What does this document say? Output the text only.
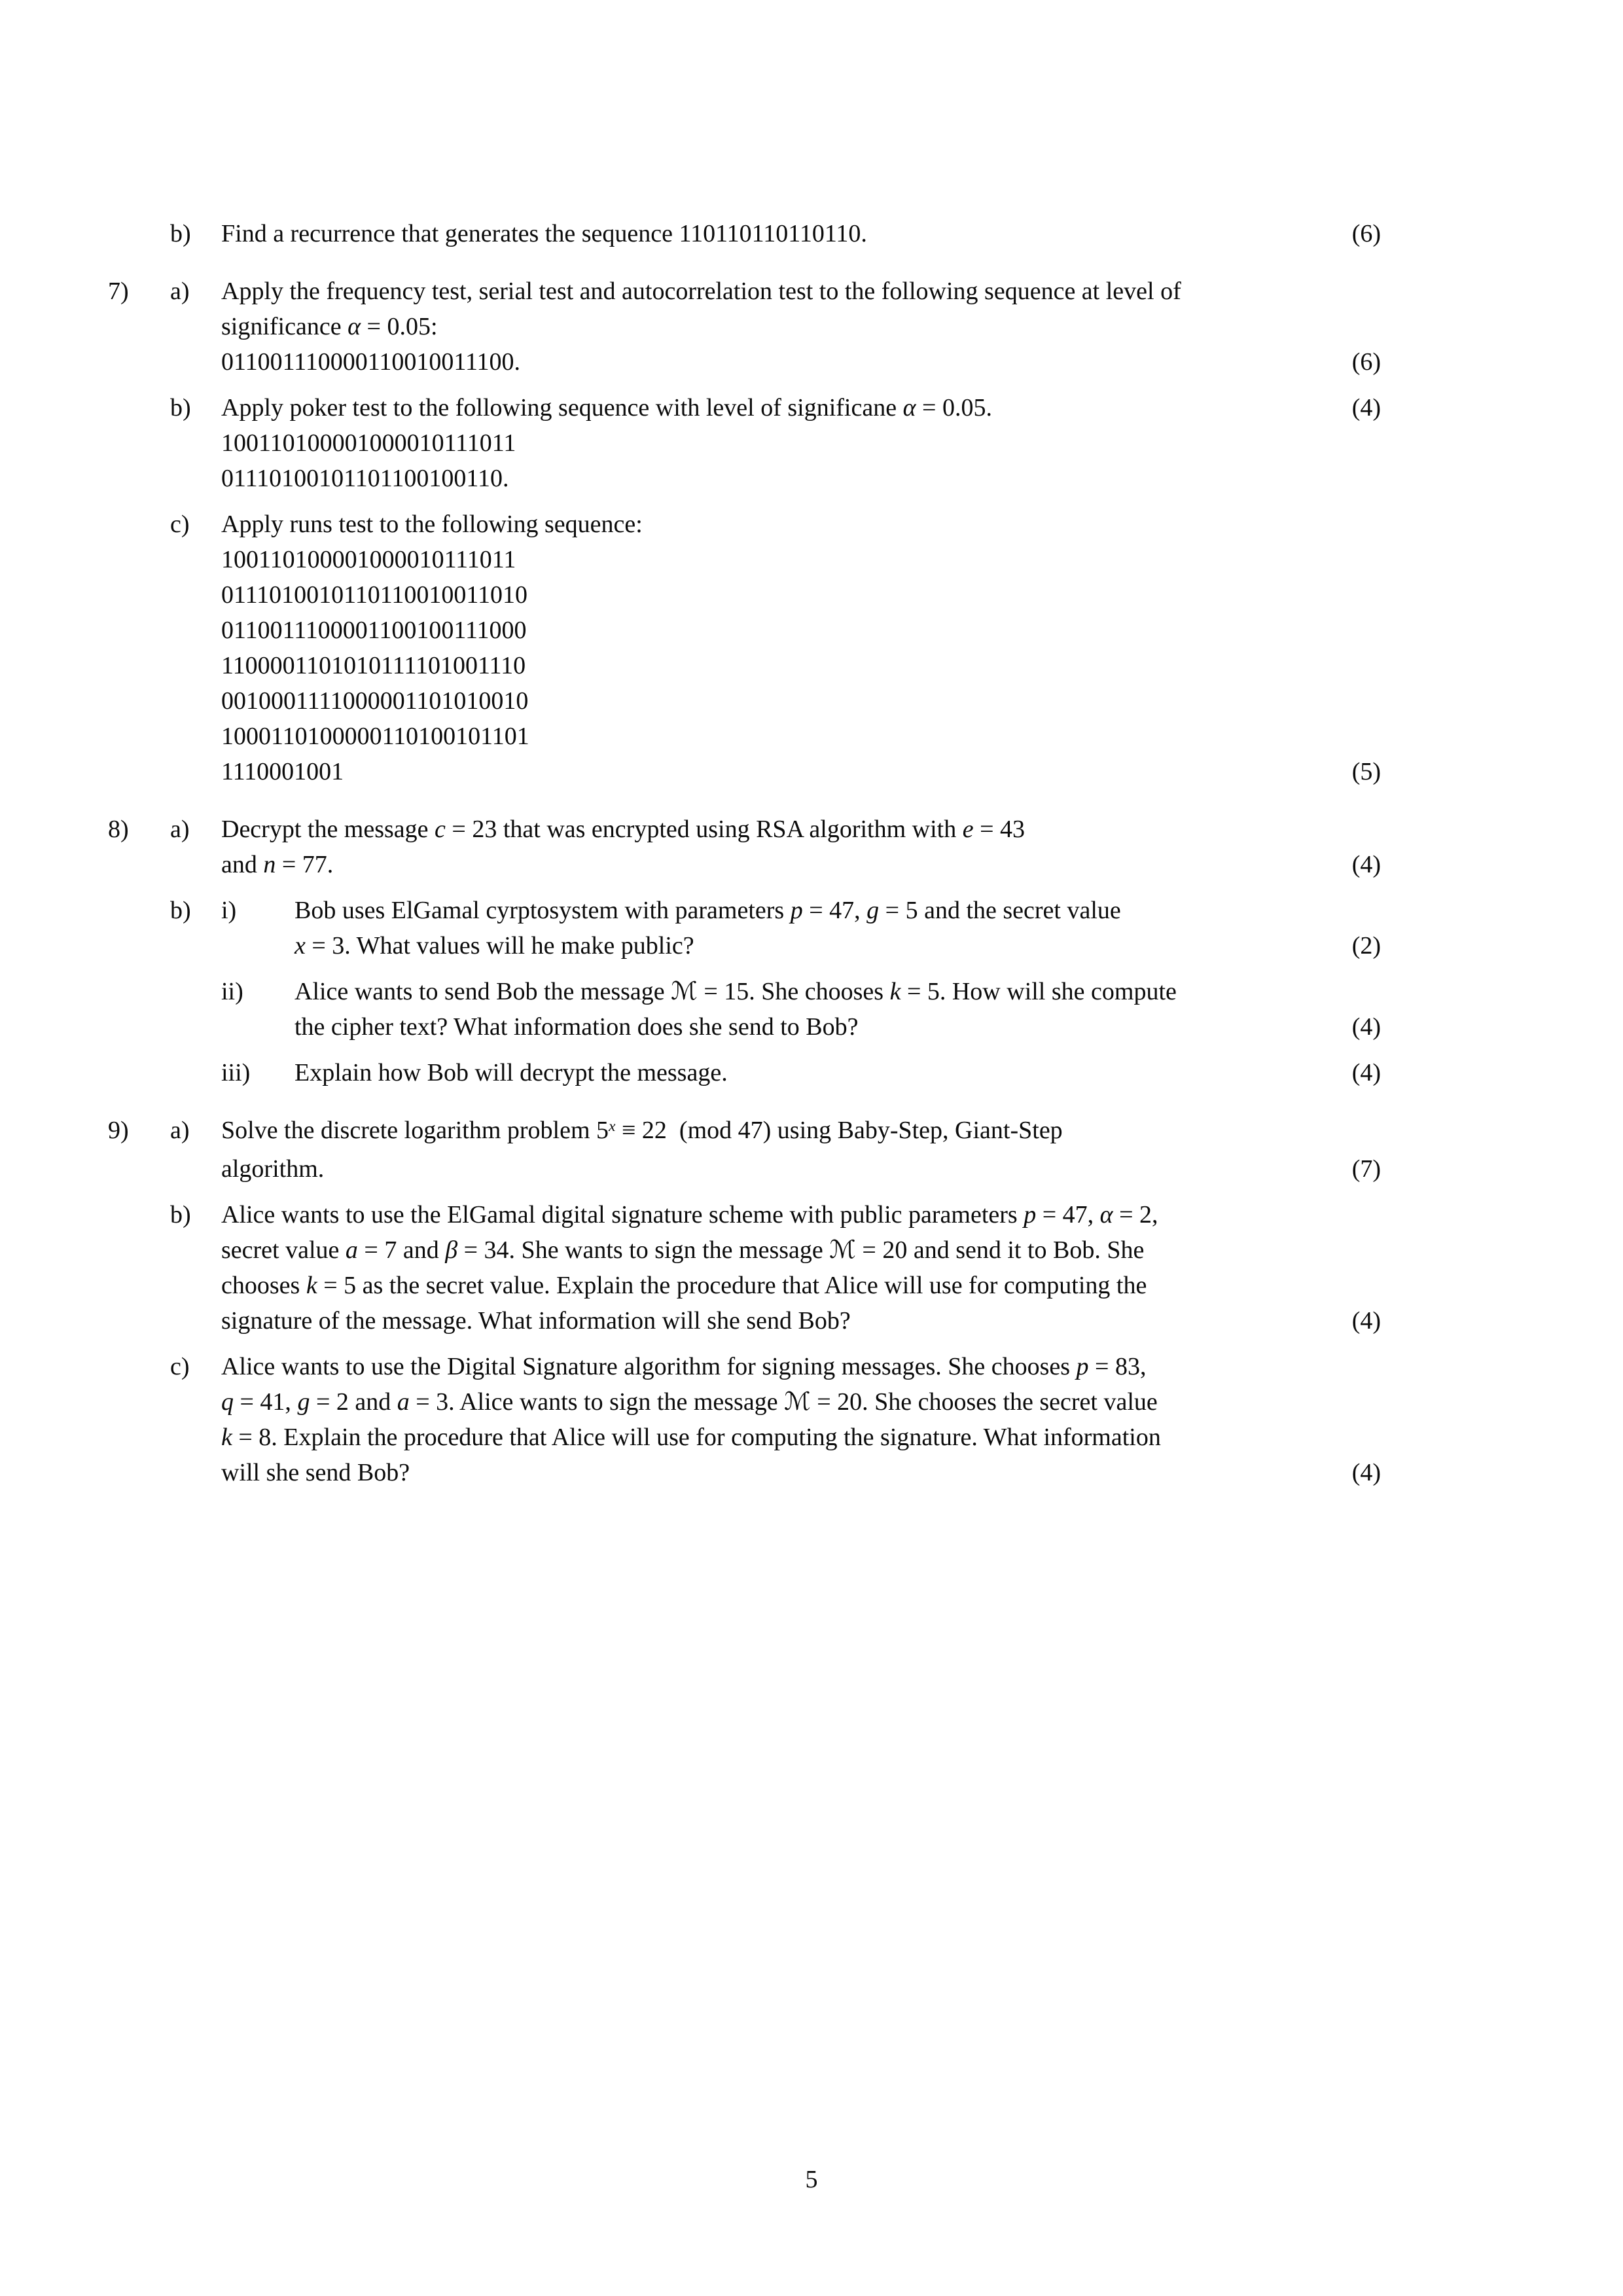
b)	Find a recurrence that generates the sequence 110110110110110.	(6)
7)	a)	Apply the frequency test, serial test and autocorrelation test to the following sequence at level of
significance α = 0.05:
011001110000110010011100.	(6)
b)	Apply poker test to the following sequence with level of significane α = 0.05.	(4)
100110100001000010111011
01110100101101100100110.
c)	Apply runs test to the following sequence:
100110100001000010111011
0111010010110110010011010
0110011100001100100111000
1100001101010111101001110
0010001111000001101010010
1000110100000110100101101
1110001001	(5)
8)	a)	Decrypt the message c = 23 that was encrypted using RSA algorithm with e = 43
and n = 77.	(4)
b)	i)	Bob uses ElGamal cyrptosystem with parameters p = 47, g = 5 and the secret value
x = 3. What values will he make public?	(2)
ii)	Alice wants to send Bob the message ℳ = 15. She chooses k = 5. How will she compute
the cipher text? What information does she send to Bob?	(4)
iii)	Explain how Bob will decrypt the message.	(4)
9)	a)	Solve the discrete logarithm problem $5^x \equiv 22$  (mod 47) using Baby-Step, Giant-Step
algorithm.	(7)
b)	Alice wants to use the ElGamal digital signature scheme with public parameters p = 47, α = 2,
secret value a = 7 and β = 34. She wants to sign the message ℳ = 20 and send it to Bob. She
chooses k = 5 as the secret value. Explain the procedure that Alice will use for computing the
signature of the message. What information will she send Bob?	(4)
c)	Alice wants to use the Digital Signature algorithm for signing messages. She chooses p = 83,
q = 41, g = 2 and a = 3. Alice wants to sign the message ℳ = 20. She chooses the secret value
k = 8. Explain the procedure that Alice will use for computing the signature. What information
will she send Bob?	(4)
5
